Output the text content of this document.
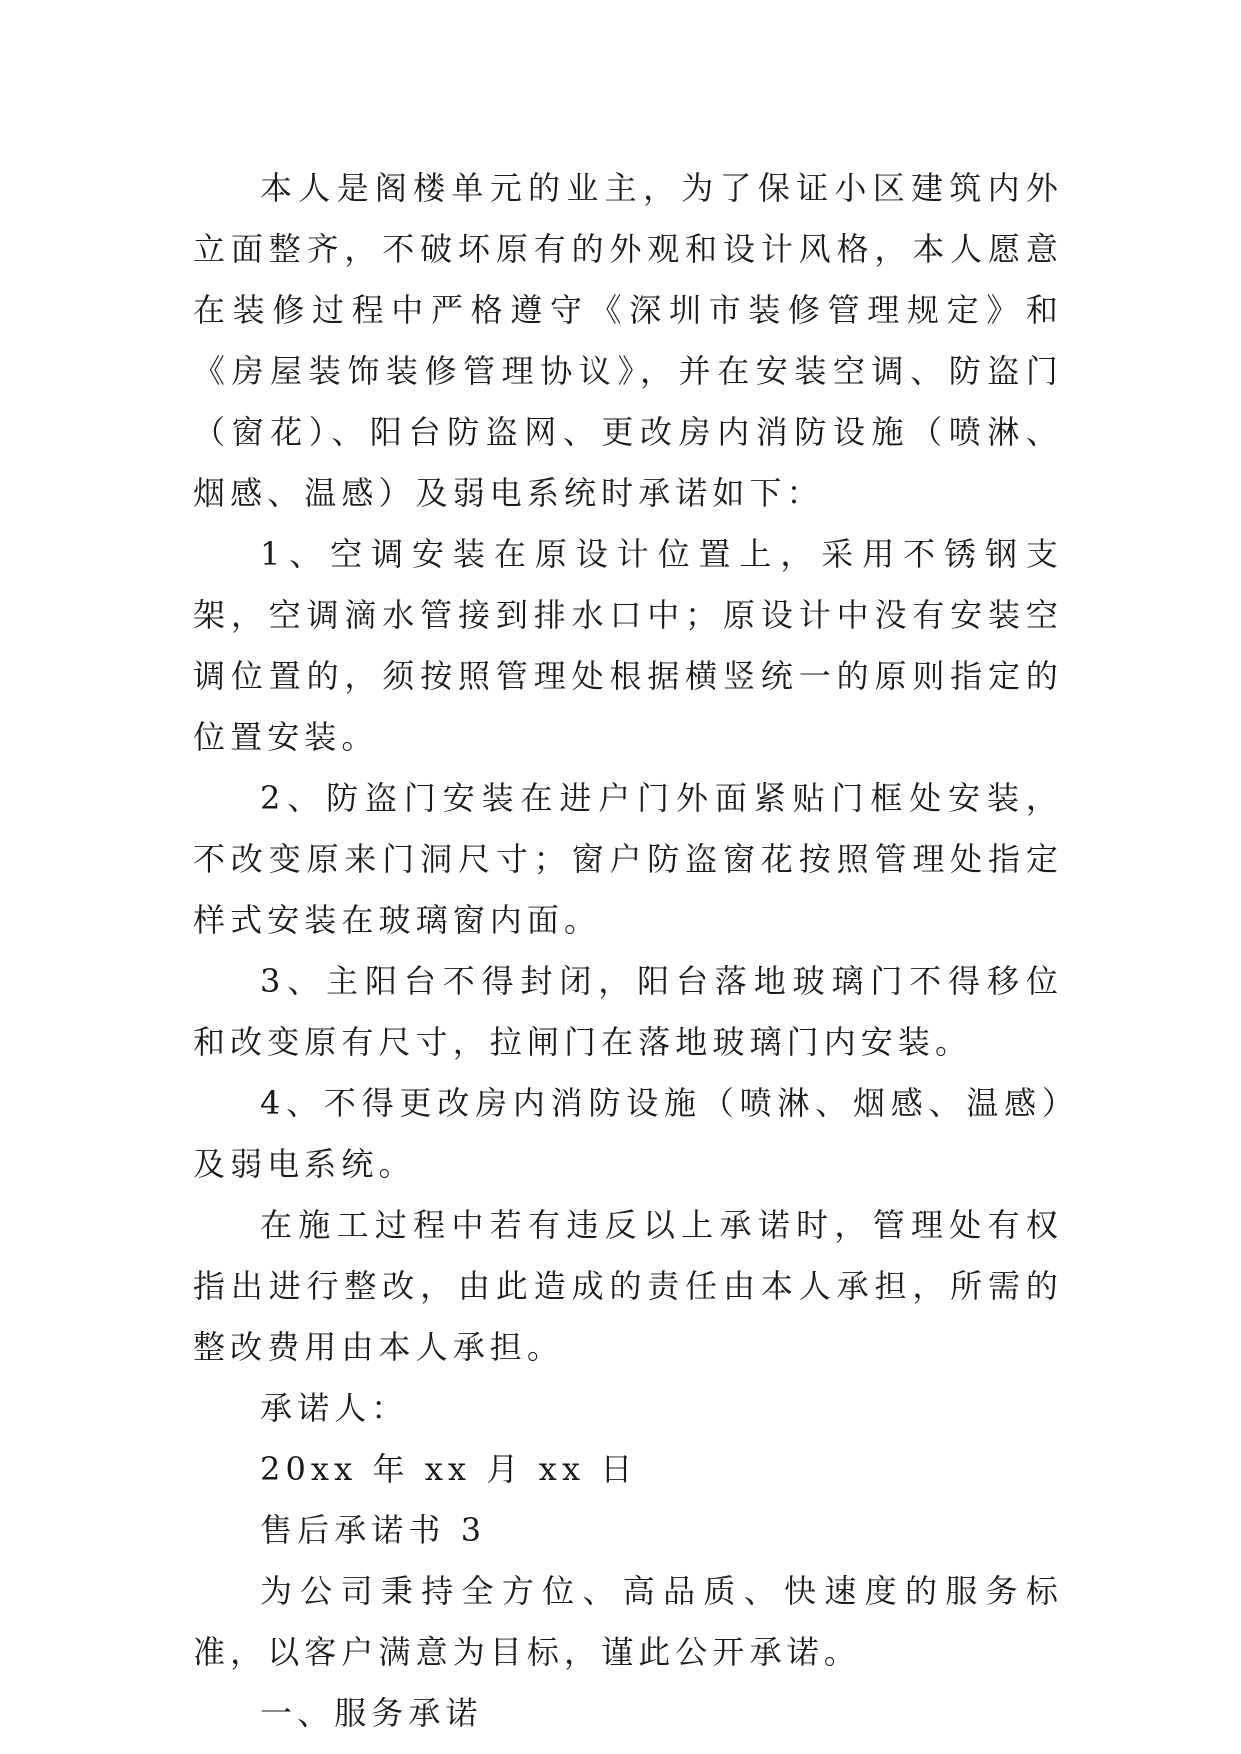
本人是阁楼单元的业主，为了保证小区建筑内外立面整齐，不破坏原有的外观和设计风格，本人愿意在装修过程中严格遵守《深圳市装修管理规定》和《房屋装饰装修管理协议》，并在安装空调、防盗门（窗花）、阳台防盗网、更改房内消防设施（喷淋、烟感、温感）及弱电系统时承诺如下：

1、空调安装在原设计位置上，采用不锈钢支架，空调滴水管接到排水口中；原设计中没有安装空调位置的，须按照管理处根据横竖统一的原则指定的位置安装。

2、防盗门安装在进户门外面紧贴门框处安装，不改变原来门洞尺寸；窗户防盗窗花按照管理处指定样式安装在玻璃窗内面。

3、主阳台不得封闭，阳台落地玻璃门不得移位和改变原有尺寸，拉闸门在落地玻璃门内安装。

4、不得更改房内消防设施（喷淋、烟感、温感）及弱电系统。

在施工过程中若有违反以上承诺时，管理处有权指出进行整改，由此造成的责任由本人承担，所需的整改费用由本人承担。

承诺人：

20xx 年 xx 月 xx 日

售后承诺书 3

为公司秉持全方位、高品质、快速度的服务标准，以客户满意为目标，谨此公开承诺。

一、服务承诺
